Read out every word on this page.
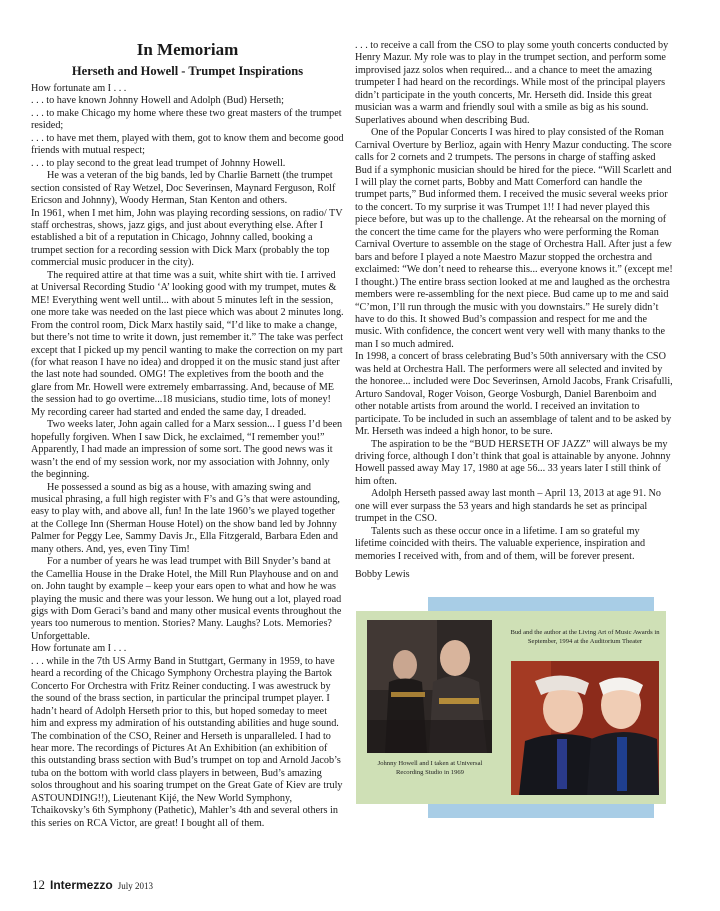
In Memoriam
Herseth and Howell - Trumpet Inspirations

How fortunate am I . . .

. . . to have known Johnny Howell and Adolph (Bud) Herseth;

. . . to make Chicago my home where these two great masters of the trumpet resided;

. . . to have met them, played with them, got to know them and become good friends with mutual respect;

. . . to play second to the great lead trumpet of Johnny Howell.

He was a veteran of the big bands, led by Charlie Barnett (the trumpet section consisted of Ray Wetzel, Doc Severinsen, Maynard Ferguson, Rolf Ericson and Johnny), Woody Herman, Stan Kenton and others.

In 1961, when I met him, John was playing recording sessions, on radio/ TV staff orchestras, shows, jazz gigs, and just about everything else. After I established a bit of a reputation in Chicago, Johnny called, booking a trumpet section for a recording session with Dick Marx (probably the top commercial music producer in the city).

The required attire at that time was a suit, white shirt with tie. I arrived at Universal Recording Studio ‘A’ looking good with my trumpet, mutes & ME! Everything went well until... with about 5 minutes left in the session, one more take was needed on the last piece which was about 2 minutes long. From the control room, Dick Marx hastily said, “I’d like to make a change, but there’s not time to write it down, just remember it.” The take was perfect except that I picked up my pencil wanting to make the correction on my part (for what reason I have no idea) and dropped it on the music stand just after the last note had sounded. OMG! The expletives from the booth and the glare from Mr. Howell were extremely embarrassing. And, because of ME the session had to go overtime...18 musicians, studio time, lots of money! My recording career had started and ended the same day, I dreaded.

Two weeks later, John again called for a Marx session... I guess I’d been hopefully forgiven. When I saw Dick, he exclaimed, “I remember you!” Apparently, I had made an impression of some sort. The good news was it wasn’t the end of my session work, nor my association with Johnny, only the beginning.

He possessed a sound as big as a house, with amazing swing and musical phrasing, a full high register with F’s and G’s that were astounding, easy to play with, and above all, fun! In the late 1960’s we played together at the College Inn (Sherman House Hotel) on the show band led by Johnny Palmer for Peggy Lee, Sammy Davis Jr., Ella Fitzgerald, Barbara Eden and many others. And, yes, even Tiny Tim!

For a number of years he was lead trumpet with Bill Snyder’s band at the Camellia House in the Drake Hotel, the Mill Run Playhouse and on and on. John taught by example – keep your ears open to what and how he was playing the music and there was your lesson. We hung out a lot, played road gigs with Dom Geraci’s band and many other musical events throughout the years too numerous to mention. Stories? Many. Laughs? Lots. Memories? Unforgettable.

How fortunate am I . . .

. . . while in the 7th US Army Band in Stuttgart, Germany in 1959, to have heard a recording of the Chicago Symphony Orchestra playing the Bartok Concerto For Orchestra with Fritz Reiner conducting. I was awestruck by the sound of the brass section, in particular the principal trumpet player. I hadn’t heard of Adolph Herseth prior to this, but hoped someday to meet him and express my admiration of his outstanding abilities and huge sound. The combination of the CSO, Reiner and Herseth is unparalleled. I had to hear more. The recordings of Pictures At An Exhibition (an exhibition of this outstanding brass section with Bud’s trumpet on top and Arnold Jacob’s tuba on the bottom with world class players in between, Bud’s amazing solos throughout and his soaring trumpet on the Great Gate of Kiev are truly ASTOUNDING!!), Lieutenant Kijé, the New World Symphony, Tchaikovsky’s 6th Symphony (Pathetic), Mahler’s 4th and several others in this series on RCA Victor, are great! I bought all of them.

. . . to receive a call from the CSO to play some youth concerts conducted by Henry Mazur. My role was to play in the trumpet section, and perform some improvised jazz solos when required... and a chance to meet the amazing trumpeter I had heard on the recordings. While most of the principal players didn’t participate in the youth concerts, Mr. Herseth did. Inside this great musician was a warm and friendly soul with a smile as big as his sound. Superlatives abound when describing Bud.

One of the Popular Concerts I was hired to play consisted of the Roman Carnival Overture by Berlioz, again with Henry Mazur conducting. The score calls for 2 cornets and 2 trumpets. The persons in charge of staffing asked Bud if a symphonic musician should be hired for the piece. “Will Scarlett and I will play the cornet parts, Bobby and Matt Comerford can handle the trumpet parts,” Bud informed them. I received the music several weeks prior to the concert. To my surprise it was Trumpet 1!! I had never played this piece before, but was up to the challenge. At the rehearsal on the morning of the concert the time came for the players who were performing the Roman Carnival Overture to assemble on the stage of Orchestra Hall. After just a few bars and before I played a note Maestro Mazur stopped the orchestra and exclaimed: “We don’t need to rehearse this... everyone knows it.” (except me! I thought.) The entire brass section looked at me and laughed as the orchestra members were re-assembling for the next piece. Bud came up to me and said “C’mon, I’ll run through the music with you downstairs.” He surely didn’t have to do this. It showed Bud’s compassion and respect for me and the music. With confidence, the concert went very well with many thanks to the man I so much admired.

In 1998, a concert of brass celebrating Bud’s 50th anniversary with the CSO was held at Orchestra Hall. The performers were all selected and invited by the honoree... included were Doc Severinsen, Arnold Jacobs, Frank Crisafulli, Arturo Sandoval, Roger Voison, George Vosburgh, Daniel Barenboim and other notable artists from around the world. I received an invitation to participate. To be included in such an assemblage of talent and to be asked by Mr. Herseth was indeed a high honor, to be sure.

The aspiration to be the “BUD HERSETH OF JAZZ” will always be my driving force, although I don’t think that goal is attainable by anyone. Johnny Howell passed away May 17, 1980 at age 56... 33 years later I still think of him often.

Adolph Herseth passed away last month – April 13, 2013 at age 91. No one will ever surpass the 53 years and high standards he set as principal trumpet in the CSO.

Talents such as these occur once in a lifetime. I am so grateful my lifetime coincided with theirs. The valuable experience, inspiration and memories I received with, from and of them, will be forever present.

Bobby Lewis

Johnny Howell and I taken at Universal Recording Studio in 1969
Bud and the author at the Living Art of Music Awards in September, 1994 at the Auditorium Theater
12 Intermezzo July 2013
